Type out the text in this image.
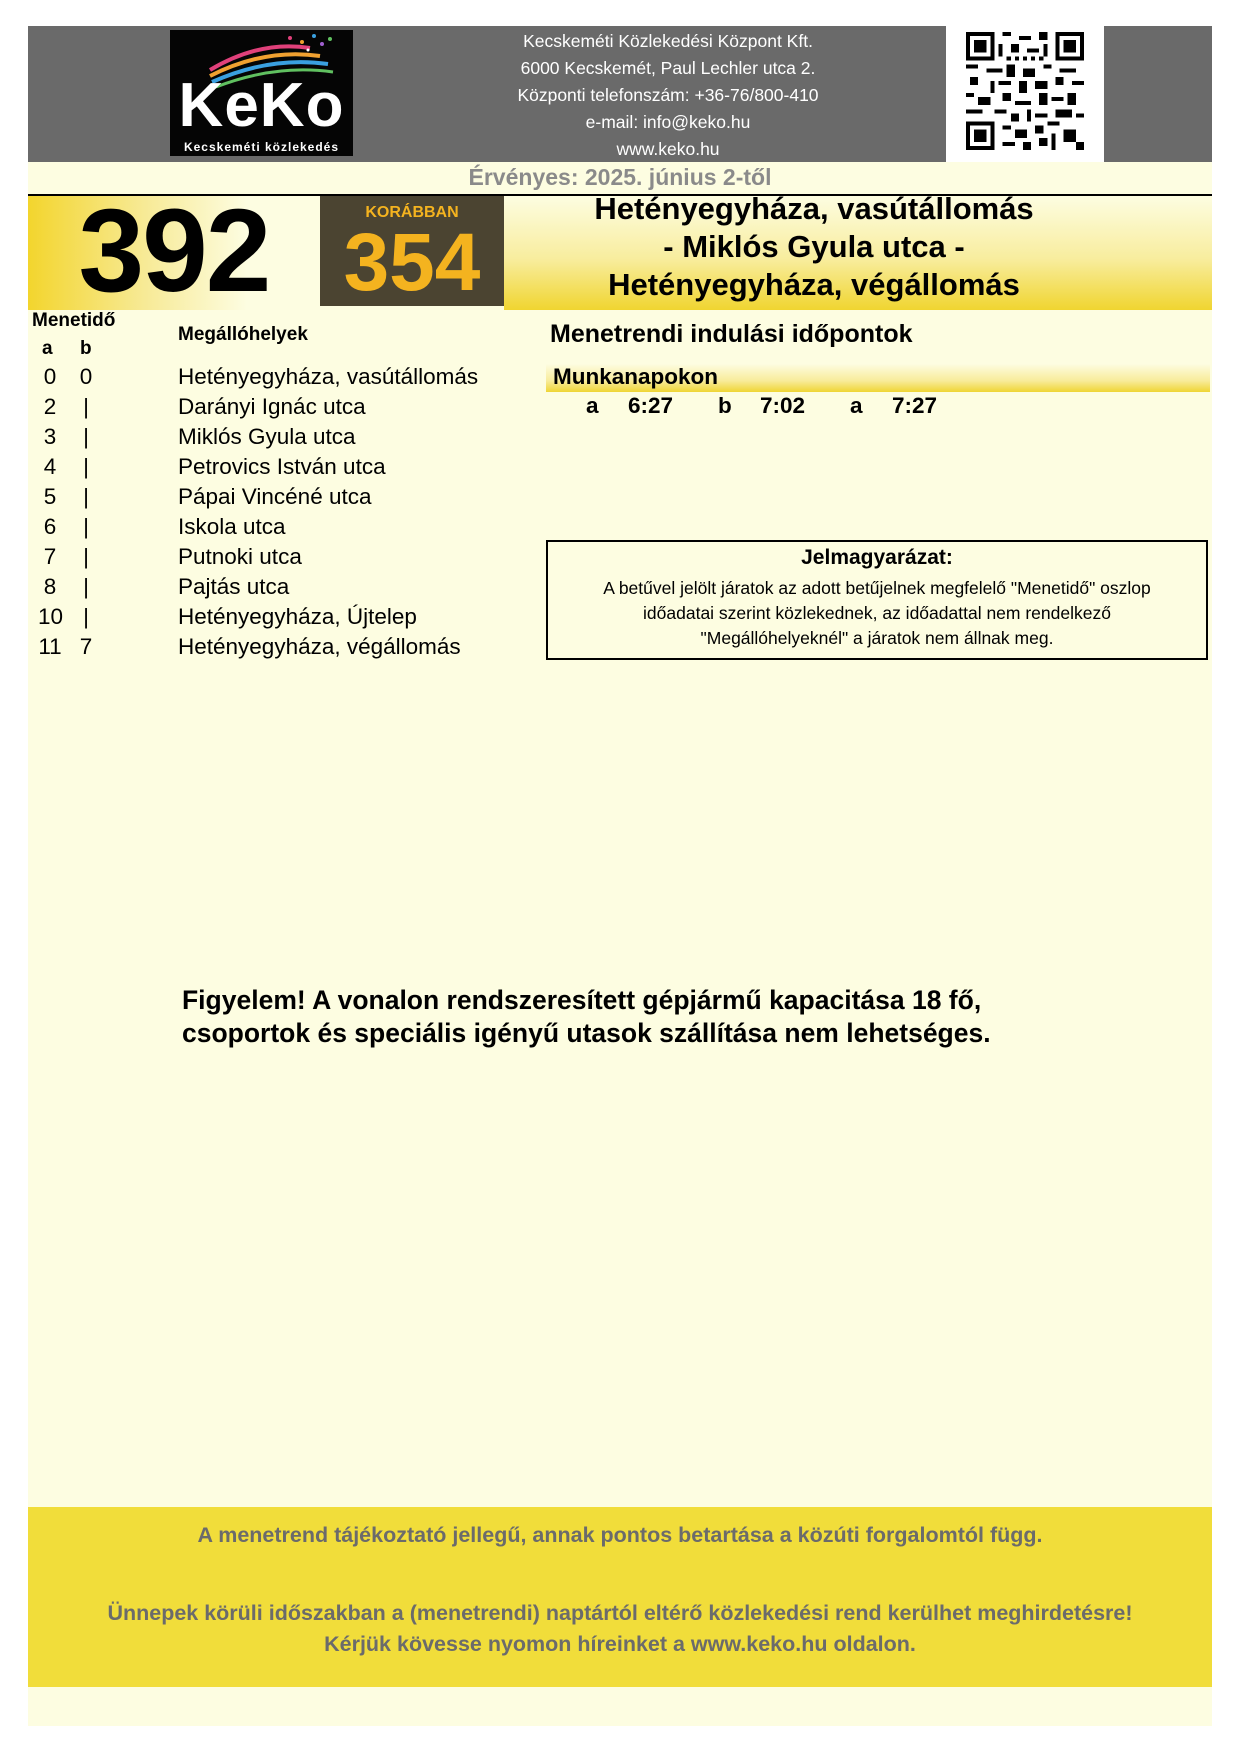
KeKo
Kecskeméti közlekedés
Kecskeméti Közlekedési Központ Kft.
6000 Kecskemét, Paul Lechler utca 2.
Központi telefonszám: +36-76/800-410
e-mail: info@keko.hu
www.keko.hu
Érvényes: 2025. június 2-től
392	KORÁBBAN
354
Hetényegyháza, vasútállomás
- Miklós Gyula utca -
Hetényegyháza, végállomás
Menetidő
a b
Megállóhelyek	Menetrendi indulási időpontok
0 0	Hetényegyháza, vasútállomás
2	|	Darányi Ignác utca
3	|	Miklós Gyula utca
4	|	Petrovics István utca
5	|	Pápai Vincéné utca
6	|	Iskola utca
7	|	Putnoki utca
8	|	Pajtás utca
10 |	Hetényegyháza, Újtelep
11 7	Hetényegyháza, végállomás
Munkanapokon
a 6:27 b 7:02 a 7:27
Jelmagyarázat:
A betűvel jelölt járatok az adott betűjelnek megfelelő "Menetidő" oszlop
időadatai szerint közlekednek, az időadattal nem rendelkező
"Megállóhelyeknél" a járatok nem állnak meg.
Figyelem! A vonalon rendszeresített gépjármű kapacitása 18 fő,
csoportok és speciális igényű utasok szállítása nem lehetséges.
A menetrend tájékoztató jellegű, annak pontos betartása a közúti forgalomtól függ.
Ünnepek körüli időszakban a (menetrendi) naptártól eltérő közlekedési rend kerülhet meghirdetésre!
Kérjük kövesse nyomon híreinket a www.keko.hu oldalon.
